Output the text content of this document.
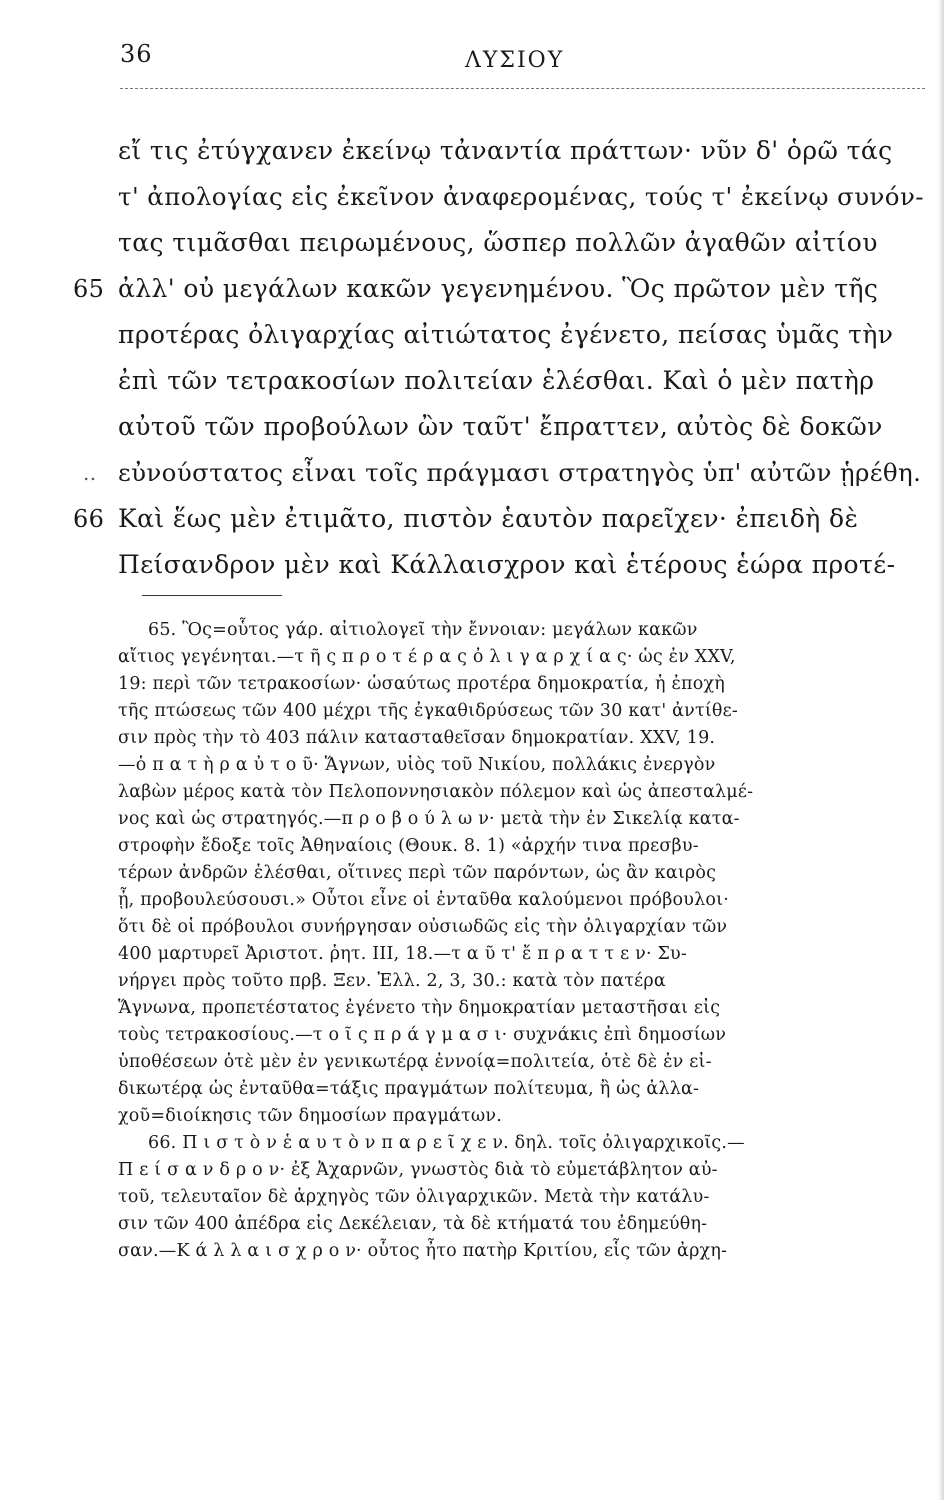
36	ΛΥΣΙΟΥ
εἴ τις ἐτύγχανεν ἐκείνῳ τἀναντία πράττων· νῦν δ' ὁρῶ τάς
τ' ἀπολογίας εἰς ἐκεῖνον ἀναφερομένας, τούς τ' ἐκείνῳ συνόν-
τας τιμᾶσθαι πειρωμένους, ὥσπερ πολλῶν ἀγαθῶν αἰτίου
65 ἀλλ' οὐ μεγάλων κακῶν γεγενημένου. Ὃς πρῶτον μὲν τῆς
προτέρας ὀλιγαρχίας αἰτιώτατος ἐγένετο, πείσας ὑμᾶς τὴν
ἐπὶ τῶν τετρακοσίων πολιτείαν ἑλέσθαι. Καὶ ὁ μὲν πατὴρ
αὐτοῦ τῶν προβούλων ὢν ταῦτ' ἔπραττεν, αὐτὸς δὲ δοκῶν
.. εὐνούστατος εἶναι τοῖς πράγμασι στρατηγὸς ὑπ' αὐτῶν ᾑρέθη.
66 Καὶ ἕως μὲν ἐτιμᾶτο, πιστὸν ἑαυτὸν παρεῖχεν· ἐπειδὴ δὲ
Πείσανδρον μὲν καὶ Κάλλαισχρον καὶ ἑτέρους ἑώρα προτέ-
65. Ὃς=οὗτος γάρ. αἰτιολογεῖ τὴν ἔννοιαν: μεγάλων κακῶν
αἴτιος γεγένηται.—τ ῆ ς π ρ ο τ έ ρ α ς ὀ λ ι γ α ρ χ ί α ς· ὡς ἐν XXV,
19: περὶ τῶν τετρακοσίων· ὡσαύτως προτέρα δημοκρατία, ἡ ἐποχὴ
τῆς πτώσεως τῶν 400 μέχρι τῆς ἐγκαθιδρύσεως τῶν 30 κατ' ἀντίθε-
σιν πρὸς τὴν τὸ 403 πάλιν κατασταθεῖσαν δημοκρατίαν. XXV, 19.
—ὁ π α τ ὴ ρ α ὐ τ ο ῦ· Ἅγνων, υἱὸς τοῦ Νικίου, πολλάκις ἐνεργὸν
λαβὼν μέρος κατὰ τὸν Πελοποννησιακὸν πόλεμον καὶ ὡς ἀπεσταλμέ-
νος καὶ ὡς στρατηγός.—π ρ ο β ο ύ λ ω ν· μετὰ τὴν ἐν Σικελίᾳ κατα-
στροφὴν ἔδοξε τοῖς Ἀθηναίοις (Θουκ. 8. 1) «ἀρχήν τινα πρεσβυ-
τέρων ἀνδρῶν ἑλέσθαι, οἵτινες περὶ τῶν παρόντων, ὡς ἂν καιρὸς
ᾖ, προβουλεύσουσι.» Οὗτοι εἶνε οἱ ἐνταῦθα καλούμενοι πρόβουλοι·
ὅτι δὲ οἱ πρόβουλοι συνήργησαν οὐσιωδῶς εἰς τὴν ὀλιγαρχίαν τῶν
400 μαρτυρεῖ Ἀριστοτ. ῥητ. ΙΙΙ, 18.—τ α ῦ τ' ἔ π ρ α τ τ ε ν· Συ-
νήργει πρὸς τοῦτο πρβ. Ξεν. Ἑλλ. 2, 3, 30.: κατὰ τὸν πατέρα
Ἅγνωνα, προπετέστατος ἐγένετο τὴν δημοκρατίαν μεταστῆσαι εἰς
τοὺς τετρακοσίους.—τ ο ῖ ς π ρ ά γ μ α σ ι· συχνάκις ἐπὶ δημοσίων
ὑποθέσεων ὁτὲ μὲν ἐν γενικωτέρᾳ ἐννοίᾳ=πολιτεία, ὁτὲ δὲ ἐν εἰ-
δικωτέρᾳ ὡς ἐνταῦθα=τάξις πραγμάτων πολίτευμα, ἢ ὡς ἀλλα-
χοῦ=διοίκησις τῶν δημοσίων πραγμάτων.
66. Π ι σ τ ὸ ν ἑ α υ τ ὸ ν π α ρ ε ῖ χ ε ν. δηλ. τοῖς ὀλιγαρχικοῖς.—
Π ε ί σ α ν δ ρ ο ν· ἐξ Ἀχαρνῶν, γνωστὸς διὰ τὸ εὐμετάβλητον αὐ-
τοῦ, τελευταῖον δὲ ἀρχηγὸς τῶν ὀλιγαρχικῶν. Μετὰ τὴν κατάλυ-
σιν τῶν 400 ἀπέδρα εἰς Δεκέλειαν, τὰ δὲ κτήματά του ἐδημεύθη-
σαν.—Κ ά λ λ α ι σ χ ρ ο ν· οὗτος ἦτο πατὴρ Κριτίου, εἷς τῶν ἀρχη-
